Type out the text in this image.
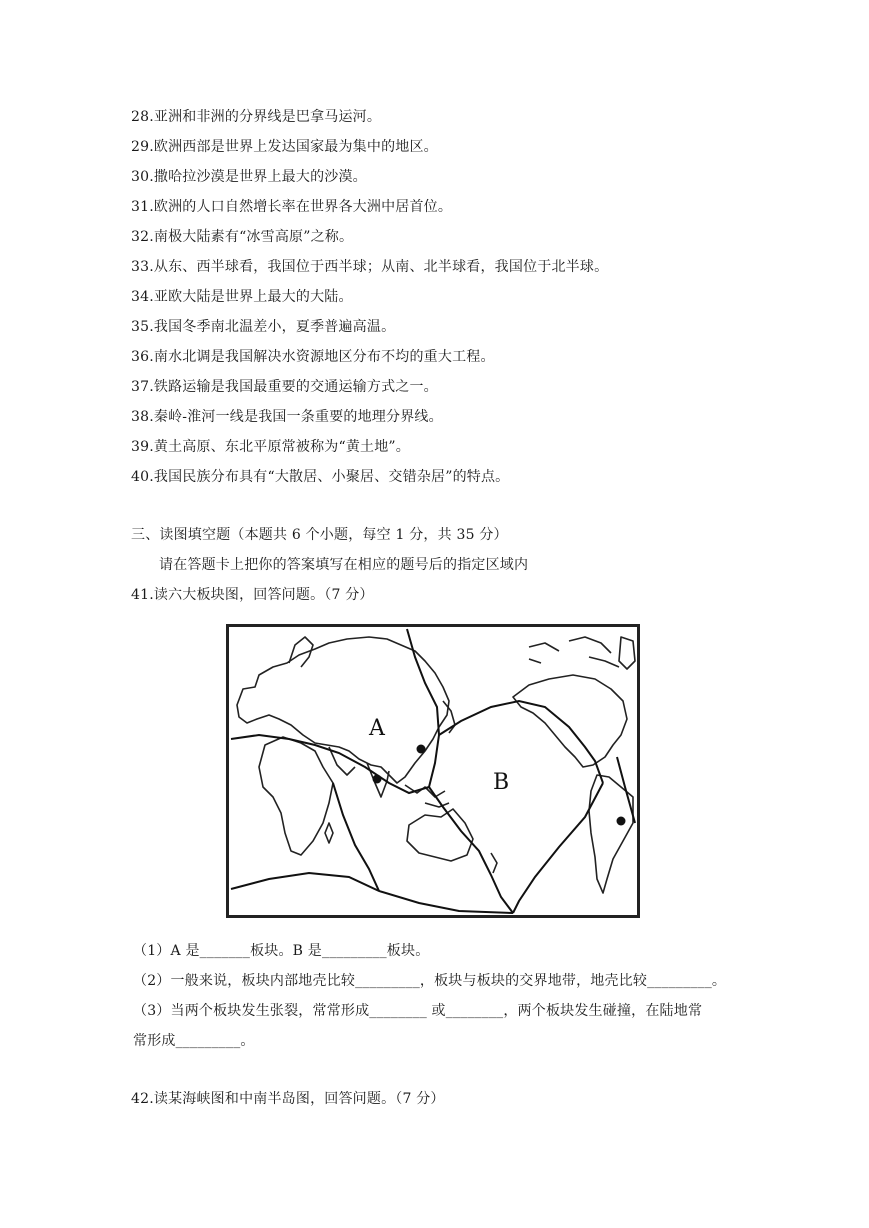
28.亚洲和非洲的分界线是巴拿马运河。
29.欧洲西部是世界上发达国家最为集中的地区。
30.撒哈拉沙漠是世界上最大的沙漠。
31.欧洲的人口自然增长率在世界各大洲中居首位。
32.南极大陆素有“冰雪高原”之称。
33.从东、西半球看，我国位于西半球；从南、北半球看，我国位于北半球。
34.亚欧大陆是世界上最大的大陆。
35.我国冬季南北温差小，夏季普遍高温。
36.南水北调是我国解决水资源地区分布不均的重大工程。
37.铁路运输是我国最重要的交通运输方式之一。
38.秦岭-淮河一线是我国一条重要的地理分界线。
39.黄土高原、东北平原常被称为“黄土地”。
40.我国民族分布具有“大散居、小聚居、交错杂居”的特点。
三、读图填空题（本题共 6 个小题，每空 1 分，共 35 分）
请在答题卡上把你的答案填写在相应的题号后的指定区域内
41.读六大板块图，回答问题。（7 分）
A
B
（1）A 是_______板块。B 是_________板块。
（2）一般来说，板块内部地壳比较_________，板块与板块的交界地带，地壳比较_________。
（3）当两个板块发生张裂，常常形成________ 或________，两个板块发生碰撞，在陆地常
常形成_________。
42.读某海峡图和中南半岛图，回答问题。（7 分）
